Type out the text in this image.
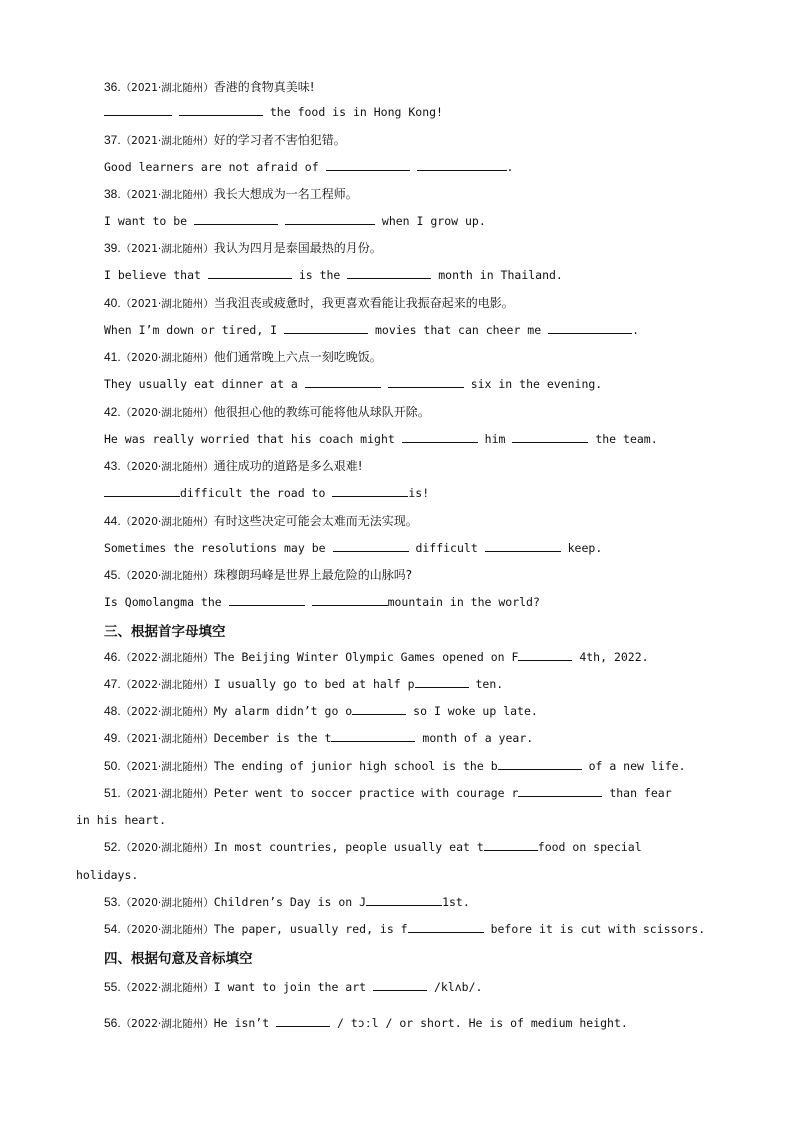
36.（2021·湖北随州）香港的食物真美味!
the food is in Hong Kong!
37.（2021·湖北随州）好的学习者不害怕犯错。
Good learners are not afraid of	.
38.（2021·湖北随州）我长大想成为一名工程师。
I want to be	when I grow up.
39.（2021·湖北随州）我认为四月是泰国最热的月份。
I believe that	is the	month in Thailand.
40.（2021·湖北随州）当我沮丧或疲惫时，我更喜欢看能让我振奋起来的电影。
When I’m down or tired, I	movies that can cheer me	.
41.（2020·湖北随州）他们通常晚上六点一刻吃晚饭。
They usually eat dinner at a	six in the evening.
42.（2020·湖北随州）他很担心他的教练可能将他从球队开除。
He was really worried that his coach might	him	the team.
43.（2020·湖北随州）通往成功的道路是多么艰难!
difficult the road to	is!
44.（2020·湖北随州）有时这些决定可能会太难而无法实现。
Sometimes the resolutions may be	difficult	keep.
45.（2020·湖北随州）珠穆朗玛峰是世界上最危险的山脉吗?
Is Qomolangma the	mountain in the world?
三、根据首字母填空
46.（2022·湖北随州）The Beijing Winter Olympic Games opened on F	4th, 2022.
47.（2022·湖北随州）I usually go to bed at half p	ten.
48.（2022·湖北随州）My alarm didn’t go o	so I woke up late.
49.（2021·湖北随州）December is the t	month of a year.
50.（2021·湖北随州）The ending of junior high school is the b	of a new life.
51.（2021·湖北随州）Peter went to soccer practice with courage r	than fear
in his heart.
52.（2020·湖北随州）In most countries, people usually eat t	food on special
holidays.
53.（2020·湖北随州）Children’s Day is on J	1st.
54.（2020·湖北随州）The paper, usually red, is f	before it is cut with scissors.
四、根据句意及音标填空
55.（2022·湖北随州）I want to join the art	/klʌb/.
56.（2022·湖北随州）He isn’t	/ tɔːl / or short. He is of medium height.
